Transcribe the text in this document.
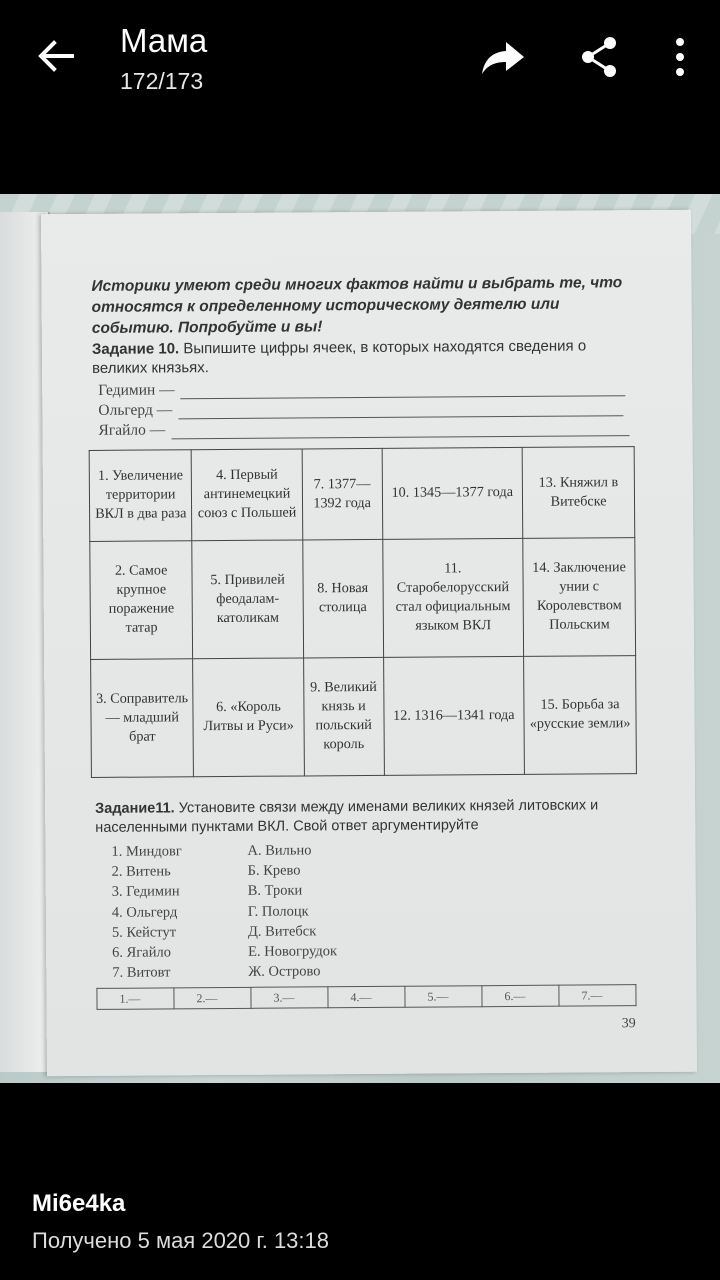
Мама
172/173
Историки умеют среди многих фактов найти и выбрать те, что относятся к определенному историческому деятелю или событию. Попробуйте и вы!
Задание 10. Выпишите цифры ячеек, в которых находятся сведения о великих князьях.
Гедимин —
Ольгерд —
Ягайло —
1. Увеличение территории ВКЛ в два раза	4. Первый антинемецкий союз с Польшей	7. 1377—1392 года	10. 1345—1377 года	13. Княжил в Витебске
2. Самое крупное поражение татар	5. Привилей феодалам-католикам	8. Новая столица	11. Старобелорусский стал официальным языком ВКЛ	14. Заключение унии с Королевством Польским
3. Соправитель — младший брат	6. «Король Литвы и Руси»	9. Великий князь и польский король	12. 1316—1341 года	15. Борьба за «русские земли»
Задание11. Установите связи между именами великих князей литовских и населенными пунктами ВКЛ. Свой ответ аргументируйте
1. Миндовг
2. Витень
3. Гедимин
4. Ольгерд
5. Кейстут
6. Ягайло
7. Витовт
А. Вильно
Б. Крево
В. Троки
Г. Полоцк
Д. Витебск
Е. Новогрудок
Ж. Острово
1.—	2.—	3.—	4.—	5.—	6.—	7.—
39
Mi6e4ka
Получено 5 мая 2020 г. 13:18
